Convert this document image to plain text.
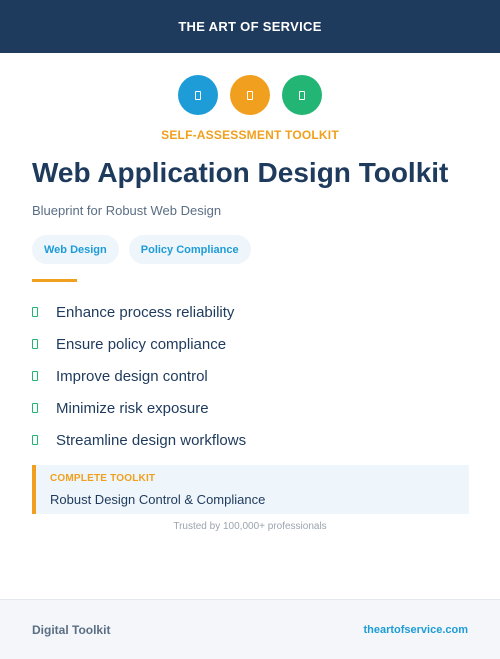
THE ART OF SERVICE
SELF-ASSESSMENT TOOLKIT
Web Application Design Toolkit
Blueprint for Robust Web Design
Web Design	Policy Compliance
Enhance process reliability
Ensure policy compliance
Improve design control
Minimize risk exposure
Streamline design workflows
COMPLETE TOOLKIT
Robust Design Control & Compliance
Trusted by 100,000+ professionals
Digital Toolkit	theartofservice.com
